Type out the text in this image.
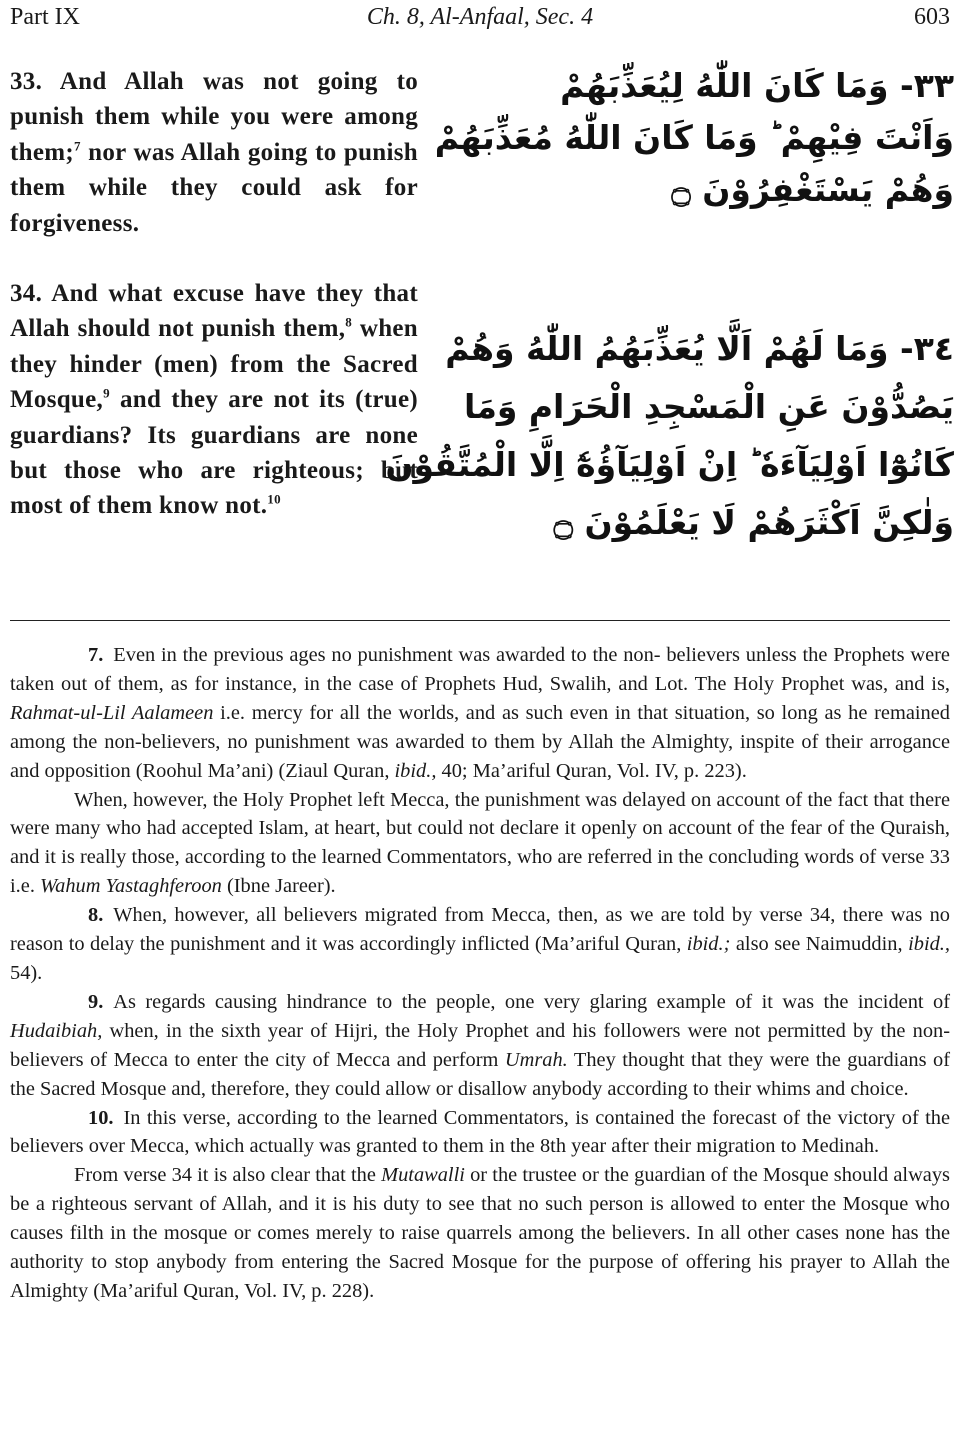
Part IX	Ch. 8, Al-Anfaal, Sec. 4	603
33. And Allah was not going to punish them while you were among them;$^7$ nor was Allah going to punish them while they could ask for forgiveness.
34. And what excuse have they that Allah should not punish them,$^8$ when they hinder (men) from the Sacred Mosque,$^9$ and they are not its (true) guardians? Its guardians are none but those who are righteous; but most of them know not.$^{10}$
٣٣- وَمَا كَانَ اللّٰهُ لِيُعَذِّبَهُمْ
وَاَنْتَ فِيْهِمْ ؕ وَمَا كَانَ اللّٰهُ مُعَذِّبَهُمْ
وَهُمْ يَسْتَغْفِرُوْنَ ۝
٣٤- وَمَا لَهُمْ اَلَّا يُعَذِّبَهُمُ اللّٰهُ وَهُمْ
يَصُدُّوْنَ عَنِ الْمَسْجِدِ الْحَرَامِ وَمَا
كَانُوْٓا اَوْلِيَآءَهٗ ؕ اِنْ اَوْلِيَآؤُهٗٓ اِلَّا الْمُتَّقُوْنَ
وَلٰكِنَّ اَكْثَرَهُمْ لَا يَعْلَمُوْنَ ۝

7. Even in the previous ages no punishment was awarded to the non- believers unless the Prophets were taken out of them, as for instance, in the case of Prophets Hud, Swalih, and Lot. The Holy Prophet was, and is, Rahmat-ul-Lil Aalameen i.e. mercy for all the worlds, and as such even in that situation, so long as he remained among the non-believers, no punishment was awarded to them by Allah the Almighty, inspite of their arrogance and opposition (Roohul Ma’ani) (Ziaul Quran, ibid., 40; Ma’ariful Quran, Vol. IV, p. 223).

When, however, the Holy Prophet left Mecca, the punishment was delayed on account of the fact that there were many who had accepted Islam, at heart, but could not declare it openly on account of the fear of the Quraish, and it is really those, according to the learned Commentators, who are referred in the concluding words of verse 33 i.e. Wahum Yastaghferoon (Ibne Jareer).

8. When, however, all believers migrated from Mecca, then, as we are told by verse 34, there was no reason to delay the punishment and it was accordingly inflicted (Ma’ariful Quran, ibid.; also see Naimuddin, ibid., 54).

9. As regards causing hindrance to the people, one very glaring example of it was the incident of Hudaibiah, when, in the sixth year of Hijri, the Holy Prophet and his followers were not permitted by the non-believers of Mecca to enter the city of Mecca and perform Umrah. They thought that they were the guardians of the Sacred Mosque and, therefore, they could allow or disallow anybody according to their whims and choice.

10. In this verse, according to the learned Commentators, is contained the forecast of the victory of the believers over Mecca, which actually was granted to them in the 8th year after their migration to Medinah.

From verse 34 it is also clear that the Mutawalli or the trustee or the guardian of the Mosque should always be a righteous servant of Allah, and it is his duty to see that no such person is allowed to enter the Mosque who causes filth in the mosque or comes merely to raise quarrels among the believers. In all other cases none has the authority to stop anybody from entering the Sacred Mosque for the purpose of offering his prayer to Allah the Almighty (Ma’ariful Quran, Vol. IV, p. 228).
